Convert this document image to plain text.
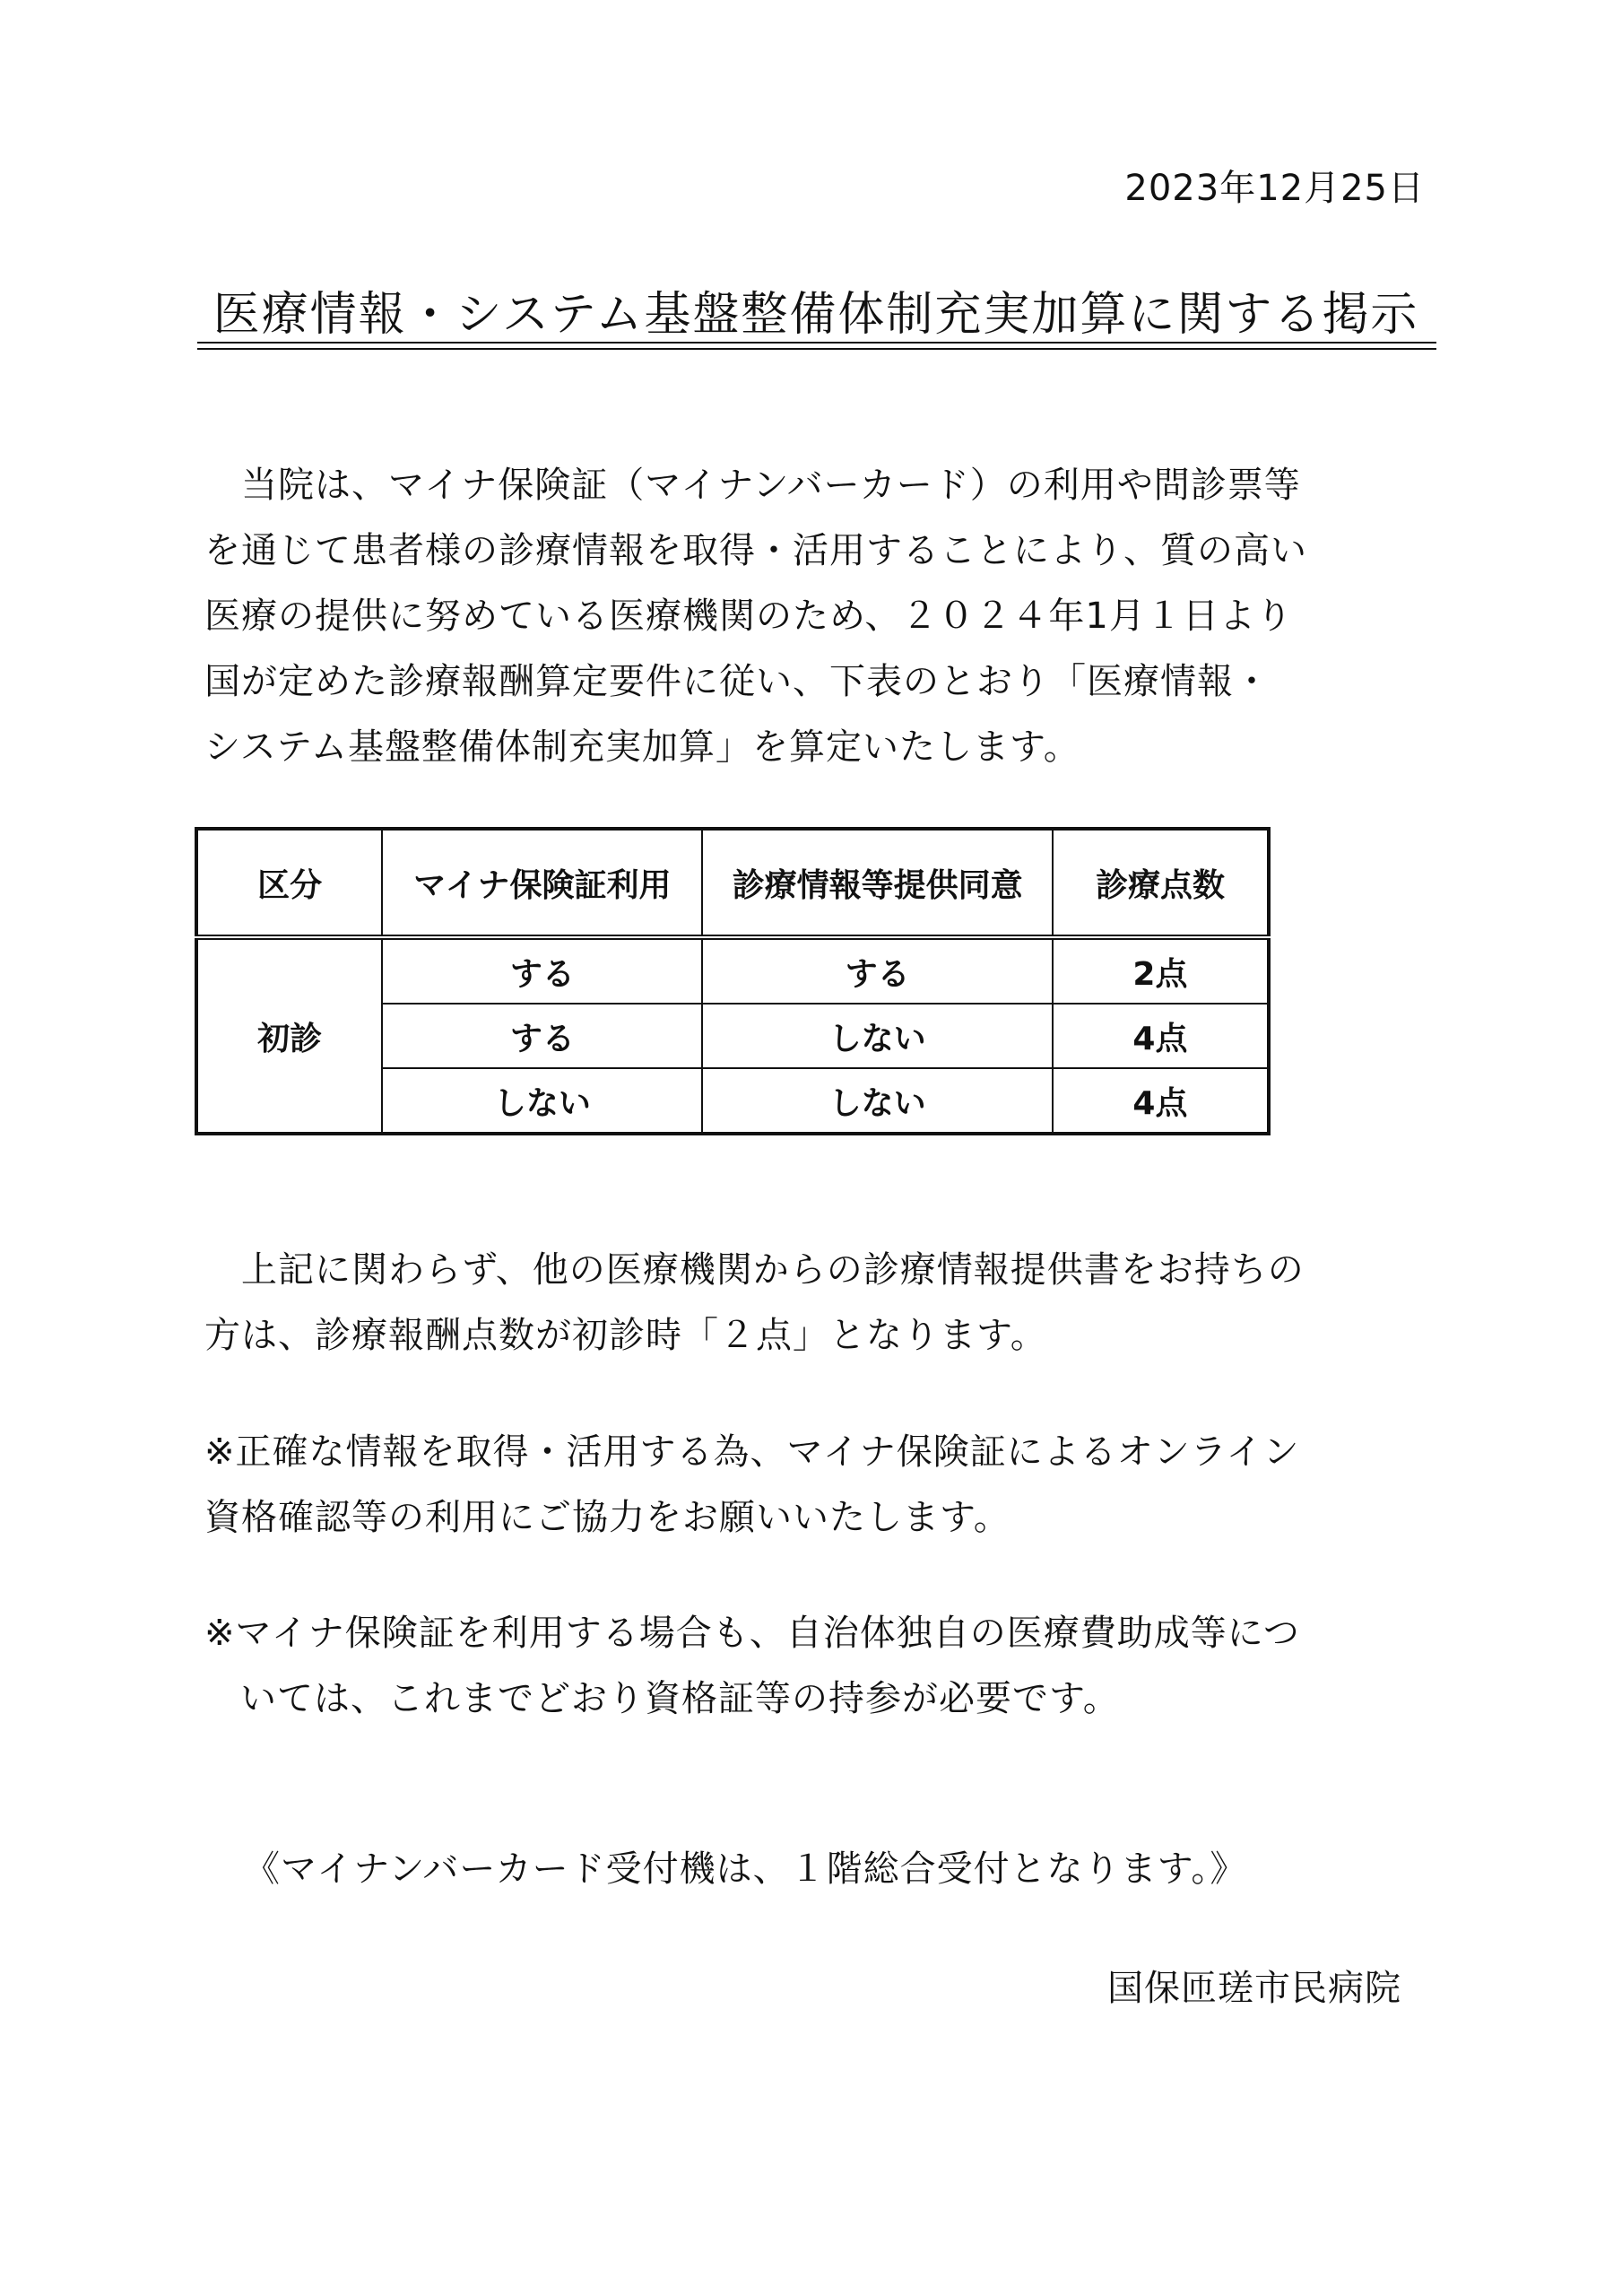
2023年12月25日
医療情報・システム基盤整備体制充実加算に関する掲示

　当院は、マイナ保険証（マイナンバーカード）の利用や問診票等
を通じて患者様の診療情報を取得・活用することにより、質の高い
医療の提供に努めている医療機関のため、２０２４年1月１日より
国が定めた診療報酬算定要件に従い、下表のとおり「医療情報・
システム基盤整備体制充実加算」を算定いたします。

区分	マイナ保険証利用	診療情報等提供同意	診療点数
初診	する	する	2点
	する	しない	4点
	しない	しない	4点

　上記に関わらず、他の医療機関からの診療情報提供書をお持ちの
方は、診療報酬点数が初診時「２点」となります。

※正確な情報を取得・活用する為、マイナ保険証によるオンライン
資格確認等の利用にご協力をお願いいたします。

※マイナ保険証を利用する場合も、自治体独自の医療費助成等につ
いては、これまでどおり資格証等の持参が必要です。

《マイナンバーカード受付機は、１階総合受付となります。》
国保匝瑳市民病院
